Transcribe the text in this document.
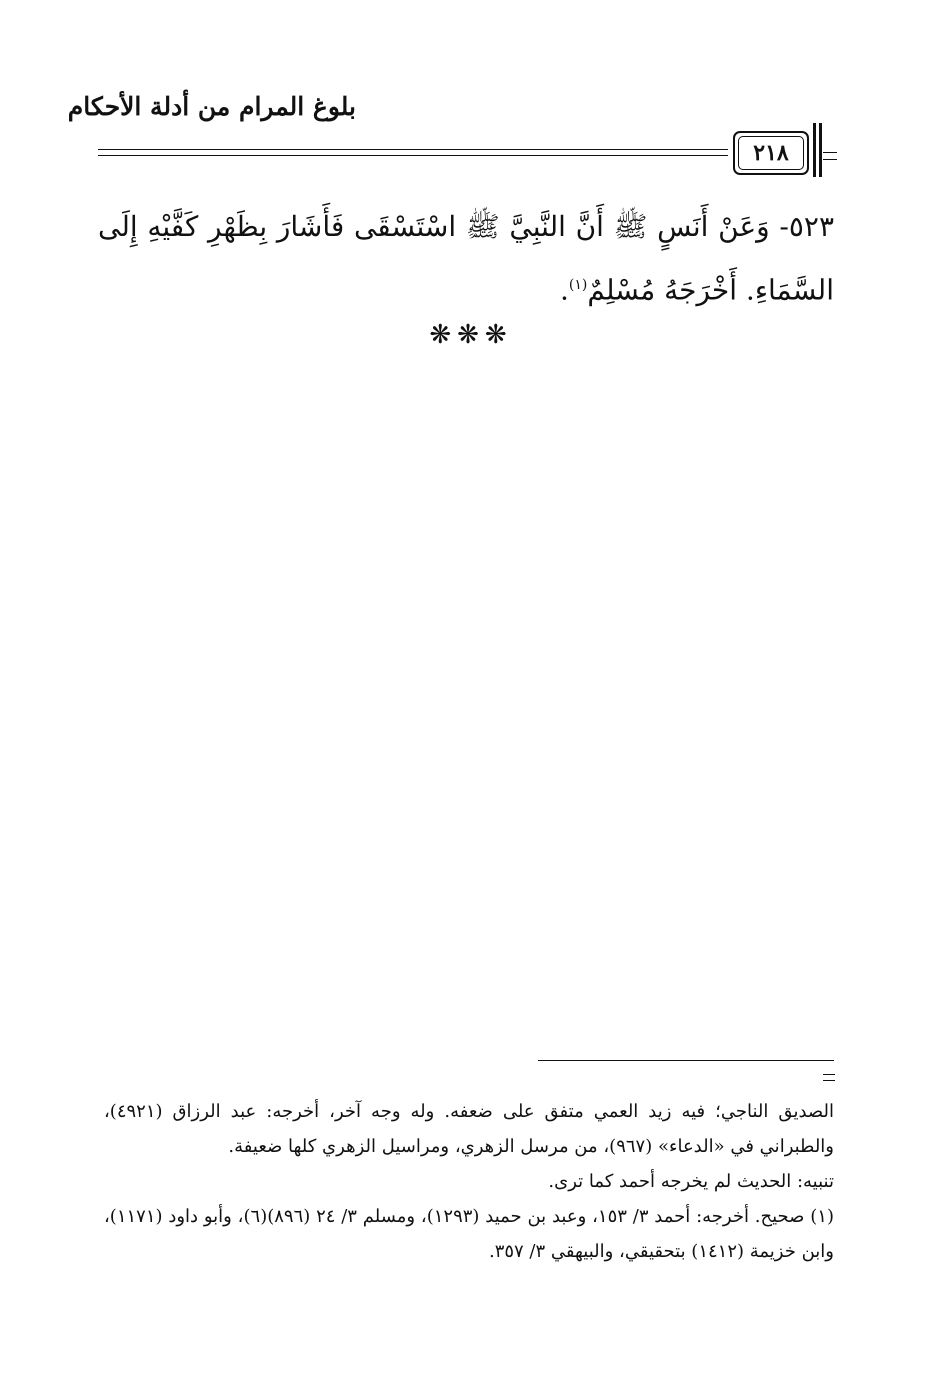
بلوغ المرام من أدلة الأحكام
٢١٨
٥٢٣- وَعَنْ أَنَسٍ ﷺ أَنَّ النَّبِيَّ ﷺ اسْتَسْقَى فَأَشَارَ بِظَهْرِ كَفَّيْهِ إِلَى السَّمَاءِ. أَخْرَجَهُ مُسْلِمٌ$^{(١)}$.
❋❋❋

الصديق الناجي؛ فيه زيد العمي متفق على ضعفه. وله وجه آخر، أخرجه: عبد الرزاق (٤٩٢١)، والطبراني في «الدعاء» (٩٦٧)، من مرسل الزهري، ومراسيل الزهري كلها ضعيفة.

تنبيه: الحديث لم يخرجه أحمد كما ترى.

(١) صحيح. أخرجه: أحمد ٣/ ١٥٣، وعبد بن حميد (١٢٩٣)، ومسلم ٣/ ٢٤ (٨٩٦)(٦)، وأبو داود (١١٧١)، وابن خزيمة (١٤١٢) بتحقيقي، والبيهقي ٣/ ٣٥٧.
